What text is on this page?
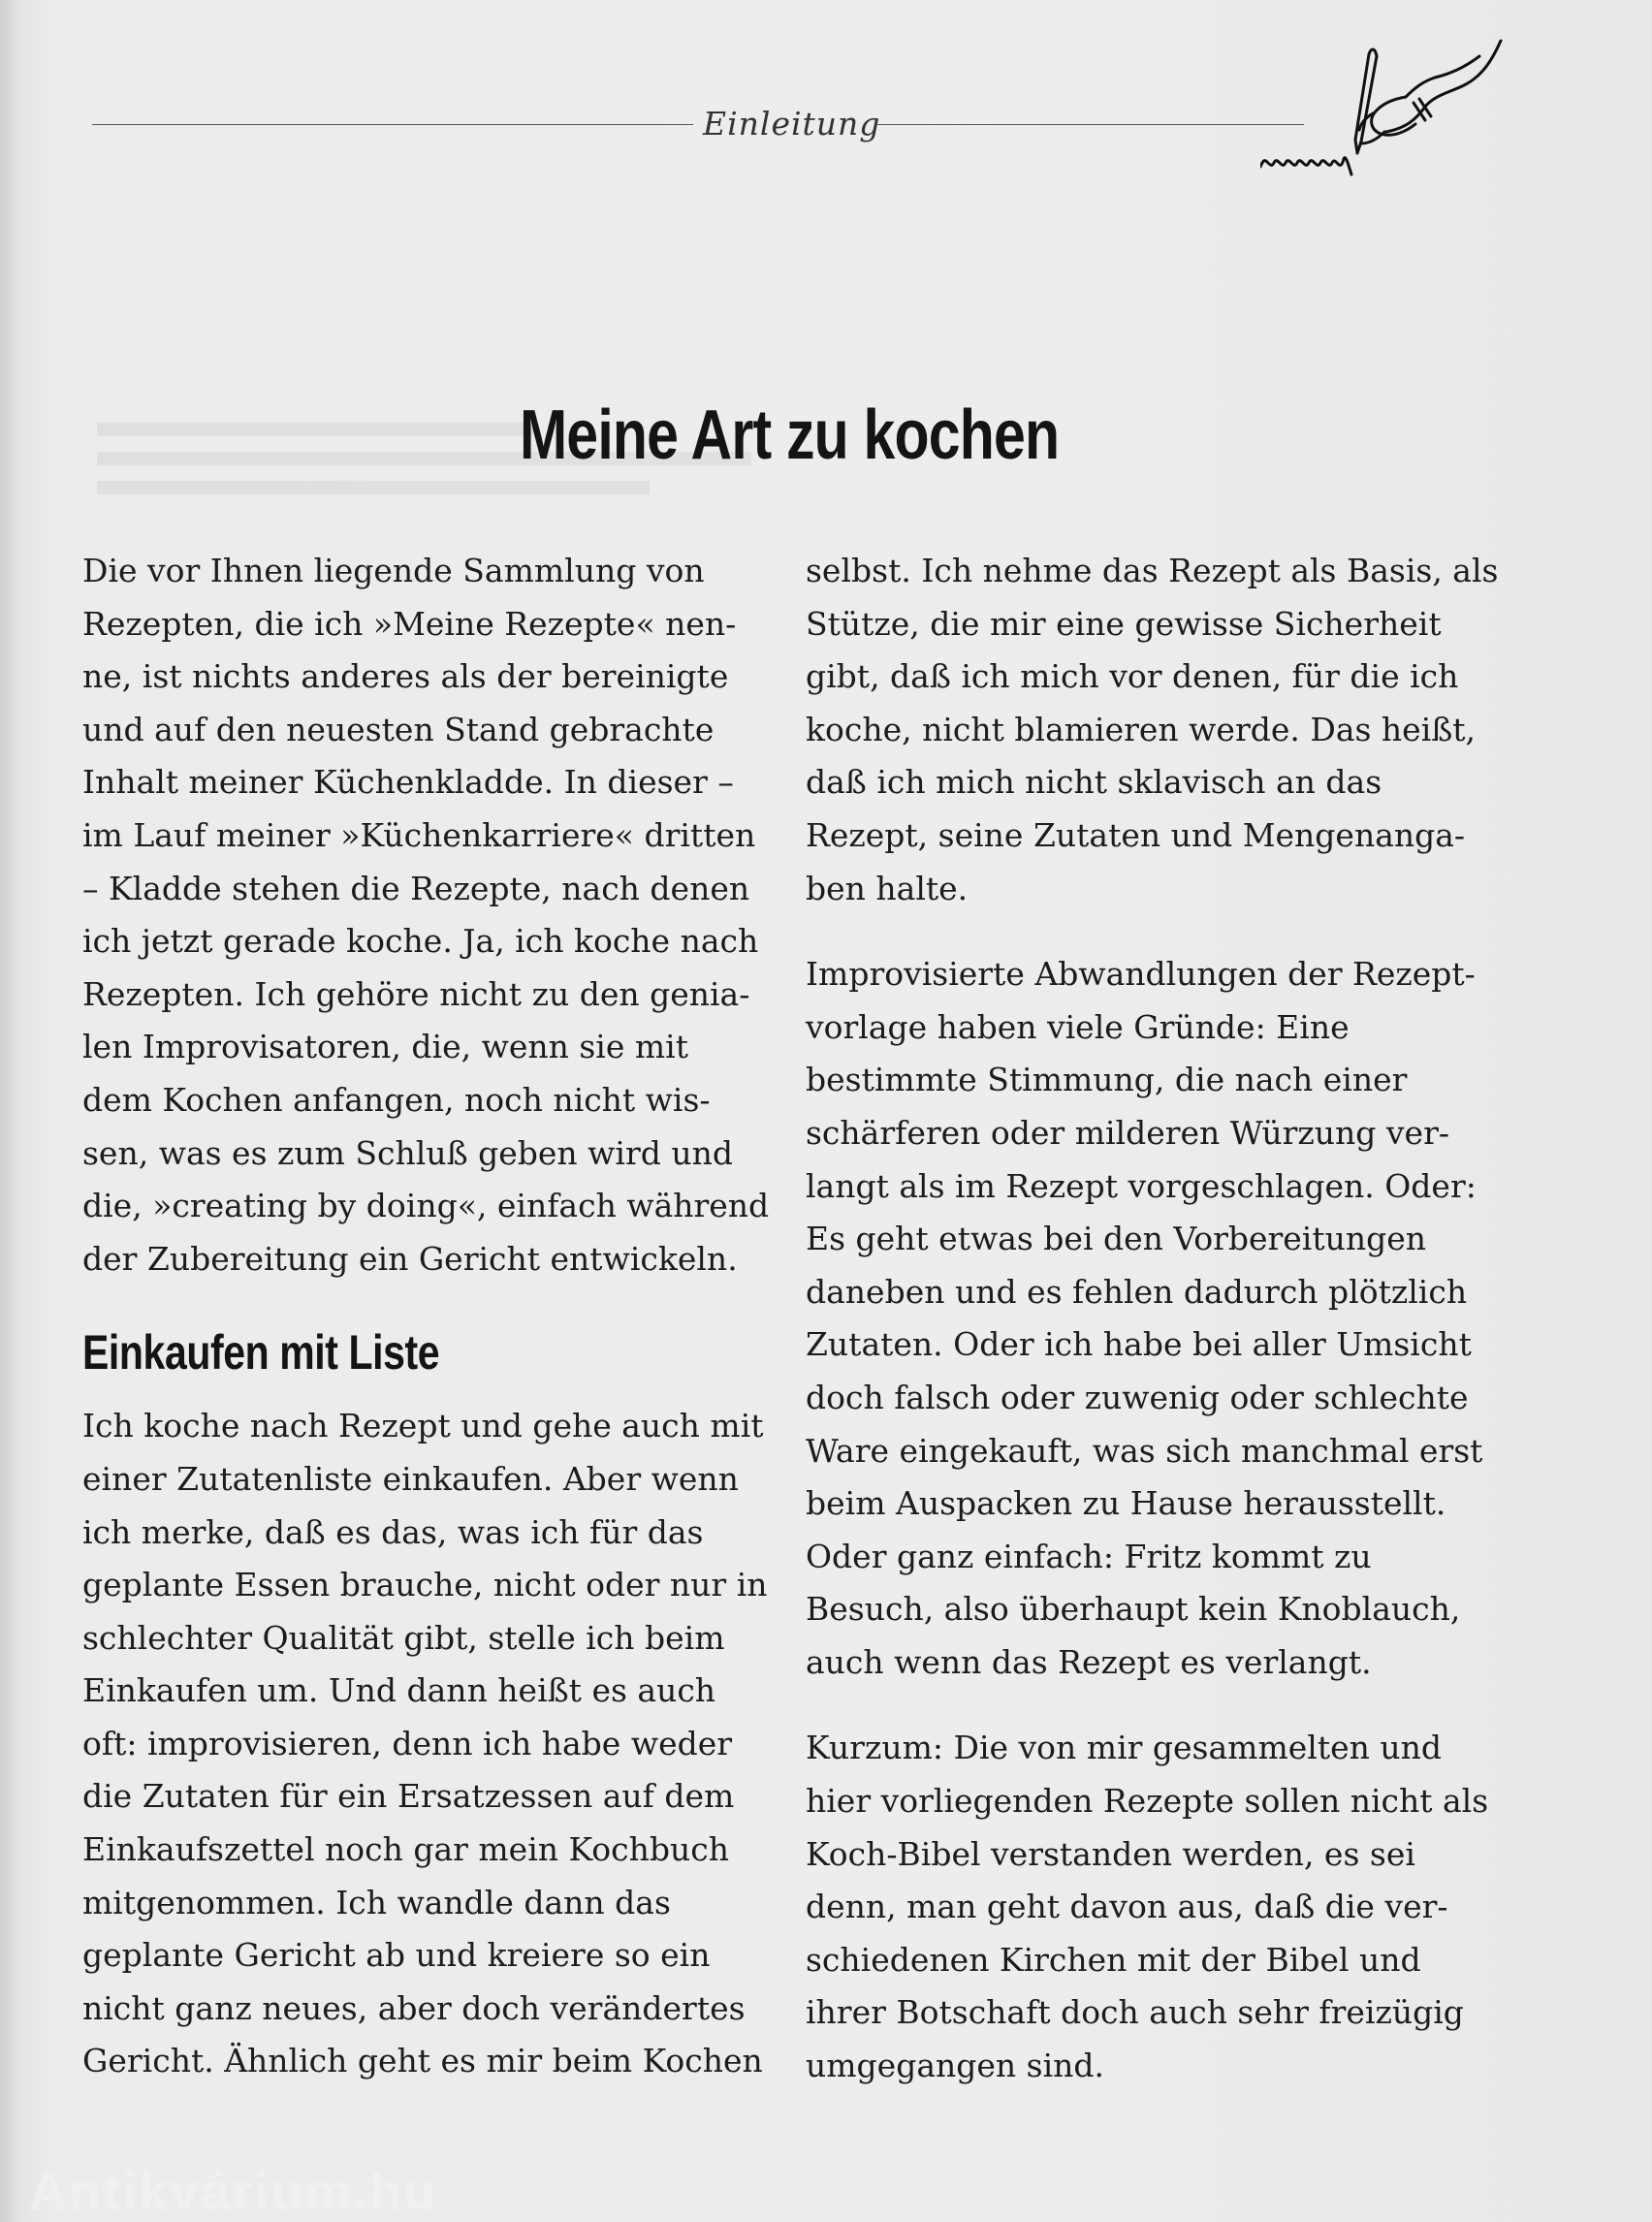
Einleitung
Meine Art zu kochen

Die vor Ihnen liegende Sammlung von
Rezepten, die ich »Meine Rezepte« nen-
ne, ist nichts anderes als der bereinigte
und auf den neuesten Stand gebrachte
Inhalt meiner Küchenkladde. In dieser –
im Lauf meiner »Küchenkarriere« dritten
– Kladde stehen die Rezepte, nach denen
ich jetzt gerade koche. Ja, ich koche nach
Rezepten. Ich gehöre nicht zu den genia-
len Improvisatoren, die, wenn sie mit
dem Kochen anfangen, noch nicht wis-
sen, was es zum Schluß geben wird und
die, »creating by doing«, einfach während
der Zubereitung ein Gericht entwickeln.

Einkaufen mit Liste

Ich koche nach Rezept und gehe auch mit
einer Zutatenliste einkaufen. Aber wenn
ich merke, daß es das, was ich für das
geplante Essen brauche, nicht oder nur in
schlechter Qualität gibt, stelle ich beim
Einkaufen um. Und dann heißt es auch
oft: improvisieren, denn ich habe weder
die Zutaten für ein Ersatzessen auf dem
Einkaufszettel noch gar mein Kochbuch
mitgenommen. Ich wandle dann das
geplante Gericht ab und kreiere so ein
nicht ganz neues, aber doch verändertes
Gericht. Ähnlich geht es mir beim Kochen

selbst. Ich nehme das Rezept als Basis, als
Stütze, die mir eine gewisse Sicherheit
gibt, daß ich mich vor denen, für die ich
koche, nicht blamieren werde. Das heißt,
daß ich mich nicht sklavisch an das
Rezept, seine Zutaten und Mengenanga-
ben halte.

Improvisierte Abwandlungen der Rezept-
vorlage haben viele Gründe: Eine
bestimmte Stimmung, die nach einer
schärferen oder milderen Würzung ver-
langt als im Rezept vorgeschlagen. Oder:
Es geht etwas bei den Vorbereitungen
daneben und es fehlen dadurch plötzlich
Zutaten. Oder ich habe bei aller Umsicht
doch falsch oder zuwenig oder schlechte
Ware eingekauft, was sich manchmal erst
beim Auspacken zu Hause herausstellt.
Oder ganz einfach: Fritz kommt zu
Besuch, also überhaupt kein Knoblauch,
auch wenn das Rezept es verlangt.

Kurzum: Die von mir gesammelten und
hier vorliegenden Rezepte sollen nicht als
Koch-Bibel verstanden werden, es sei
denn, man geht davon aus, daß die ver-
schiedenen Kirchen mit der Bibel und
ihrer Botschaft doch auch sehr freizügig
umgegangen sind.

Antikvárium.hu
